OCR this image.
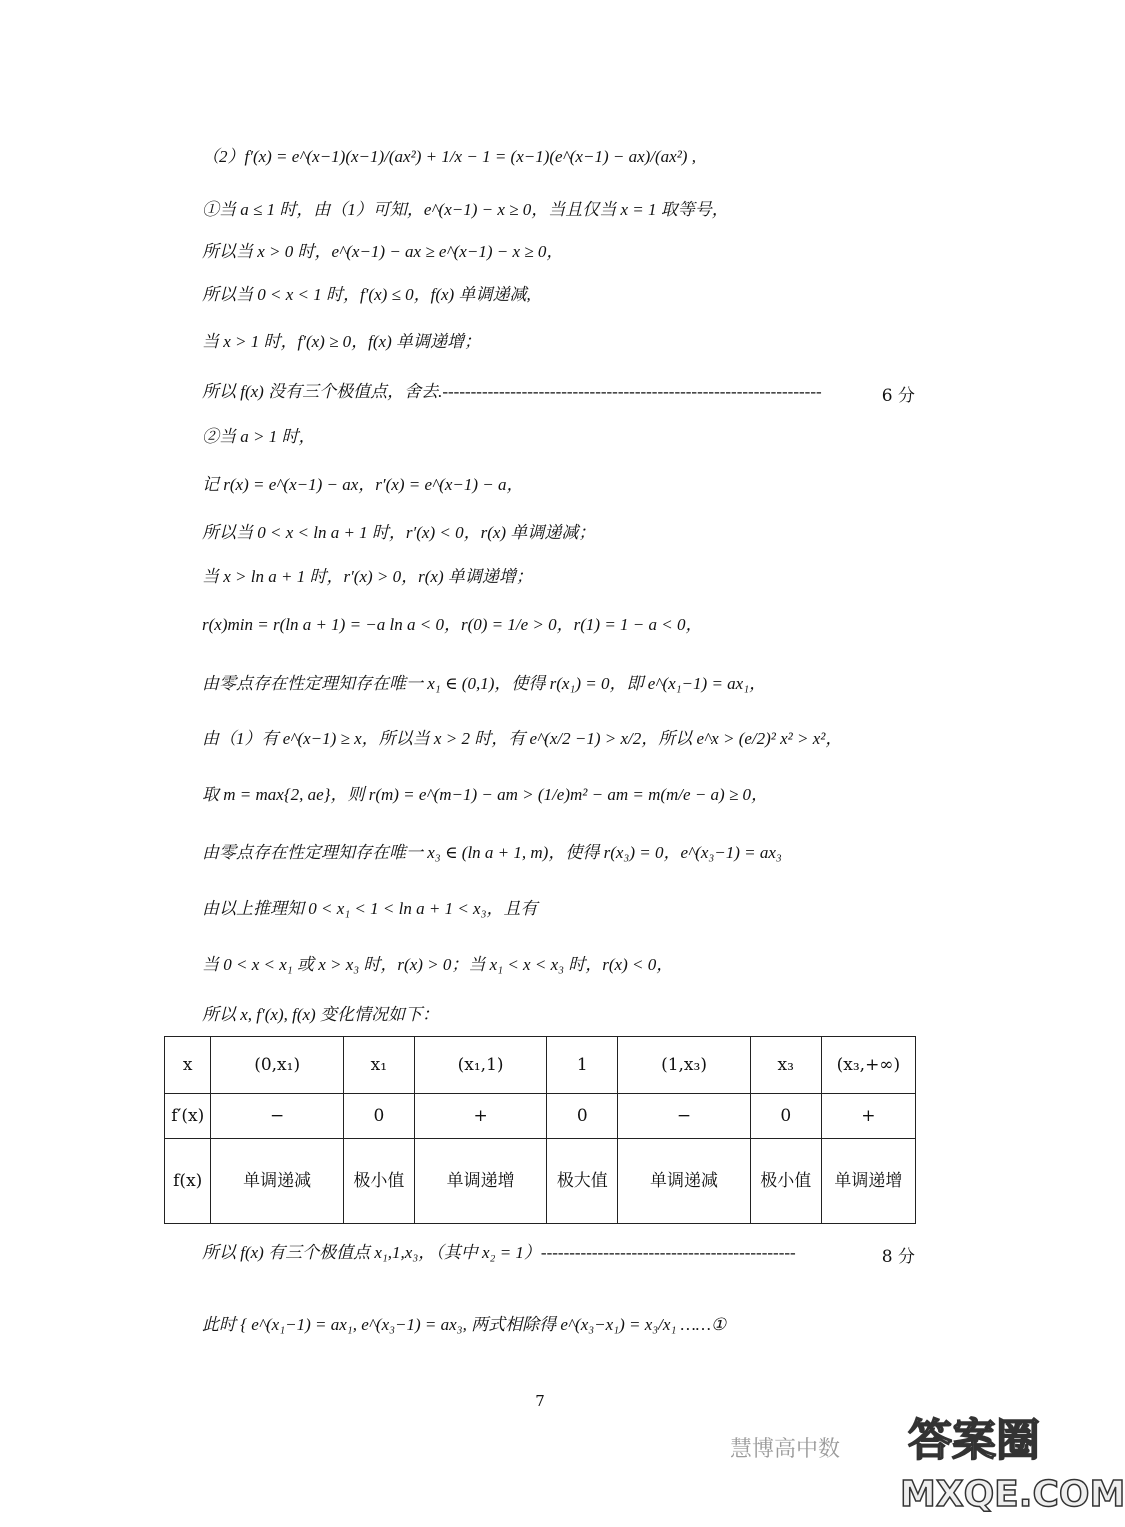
（2）f′(x) = e^(x−1)(x−1)/(ax²) + 1/x − 1 = (x−1)(e^(x−1) − ax)/(ax²) ,
①当 a ≤ 1 时，由（1）可知，e^(x−1) − x ≥ 0，当且仅当 x = 1 取等号，
所以当 x > 0 时，e^(x−1) − ax ≥ e^(x−1) − x ≥ 0，
所以当 0 < x < 1 时，f′(x) ≤ 0，f(x) 单调递减,
当 x > 1 时，f′(x) ≥ 0，f(x) 单调递增；
所以 f(x) 没有三个极值点，舍去.-------------------------------------------------------------------	6 分
②当 a > 1 时，
记 r(x) = e^(x−1) − ax，r′(x) = e^(x−1) − a，
所以当 0 < x < ln a + 1 时，r′(x) < 0，r(x) 单调递减；
当 x > ln a + 1 时，r′(x) > 0，r(x) 单调递增；
r(x)min = r(ln a + 1) = −a ln a < 0，r(0) = 1/e > 0，r(1) = 1 − a < 0，
由零点存在性定理知存在唯一 x₁ ∈ (0,1)，使得 r(x₁) = 0，即 e^(x₁−1) = ax₁，
由（1）有 e^(x−1) ≥ x，所以当 x > 2 时，有 e^(x/2 −1) > x/2，所以 e^x > (e/2)² x² > x²，
取 m = max{2, ae}，则 r(m) = e^(m−1) − am > (1/e)m² − am = m(m/e − a) ≥ 0，
由零点存在性定理知存在唯一 x₃ ∈ (ln a + 1, m)，使得 r(x₃) = 0，e^(x₃−1) = ax₃
由以上推理知 0 < x₁ < 1 < ln a + 1 < x₃，且有
当 0 < x < x₁ 或 x > x₃ 时，r(x) > 0；当 x₁ < x < x₃ 时，r(x) < 0，
所以 x, f′(x), f(x) 变化情况如下：
x	(0,x₁)	x₁	(x₁,1)	1	(1,x₃)	x₃	(x₃,+∞)
f′(x)	−	0	+	0	−	0	+
f(x)	单调递减	极小值	单调递增	极大值	单调递减	极小值	单调递增
所以 f(x) 有三个极值点 x₁,1,x₃，（其中 x₂ = 1）---------------------------------------------	8 分
此时 { e^(x₁−1) = ax₁, e^(x₃−1) = ax₃, 两式相除得 e^(x₃−x₁) = x₃/x₁ ……①
7
慧博高中数 答案圈
MXQE.COM
